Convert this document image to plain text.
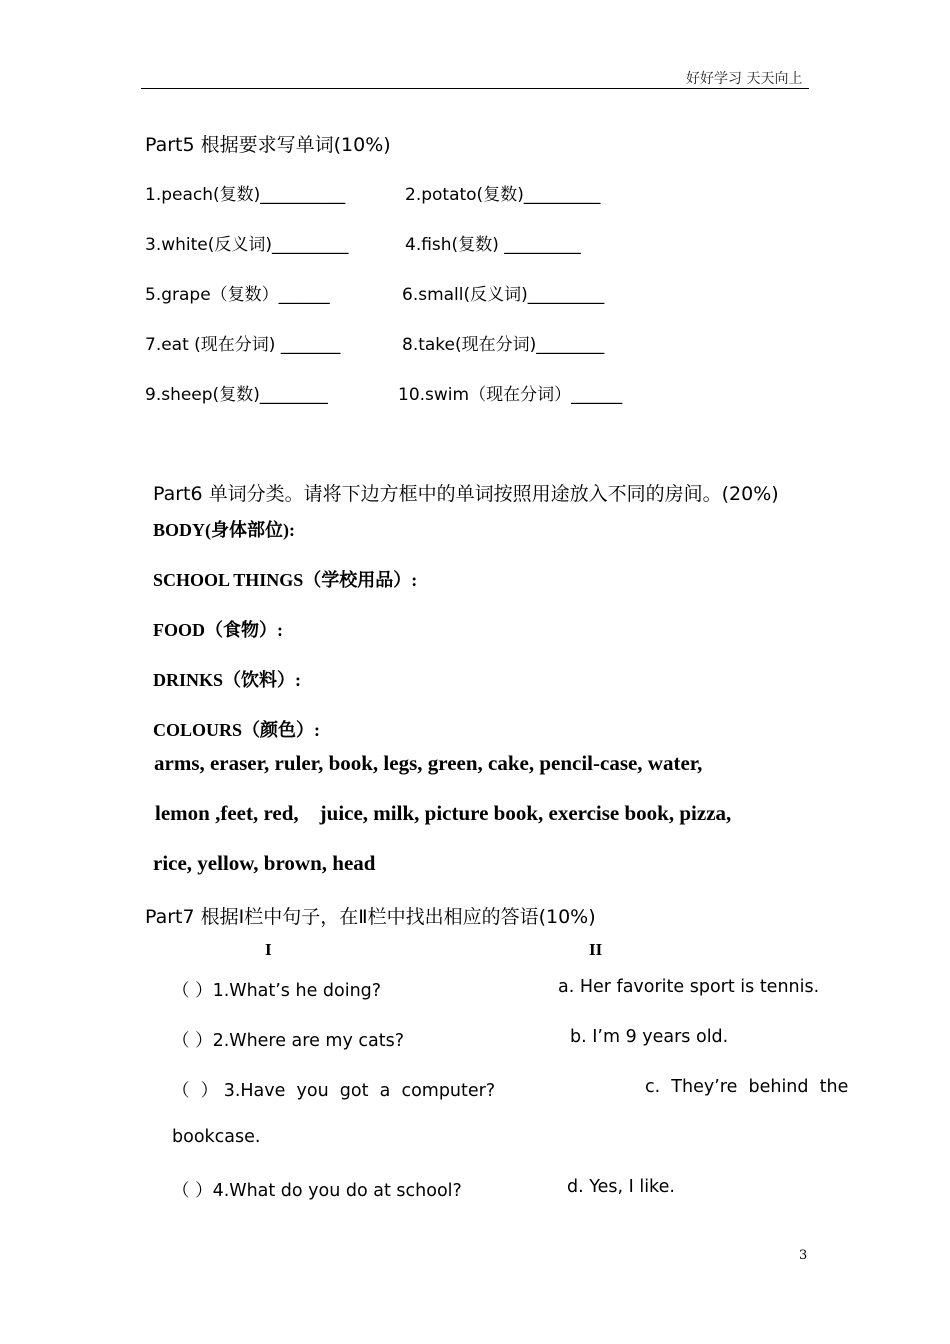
好好学习 天天向上
Part5 根据要求写单词(10%)
1.peach(复数)__________	2.potato(复数)_________
3.white(反义词)_________	4.fish(复数) _________
5.grape（复数）______	6.small(反义词)_________
7.eat (现在分词) _______	8.take(现在分词)________
9.sheep(复数)________	10.swim（现在分词）______
Part6 单词分类。请将下边方框中的单词按照用途放入不同的房间。(20%)
BODY(身体部位):
SCHOOL THINGS（学校用品）:
FOOD（食物）:
DRINKS（饮料）:
COLOURS（颜色）:
arms, eraser, ruler, book, legs, green, cake, pencil-case, water,
lemon ,feet, red,    juice, milk, picture book, exercise book, pizza,
rice, yellow, brown, head
Part7 根据Ⅰ栏中句子，在Ⅱ栏中找出相应的答语(10%)
I	II
（ ）1.What’s he doing?	a. Her favorite sport is tennis.
（ ）2.Where are my cats?	b. I’m 9 years old.
（  ） 3.Have  you  got  a  computer?	c.  They’re  behind  the
bookcase.
（ ）4.What do you do at school?	d. Yes, I like.
3
